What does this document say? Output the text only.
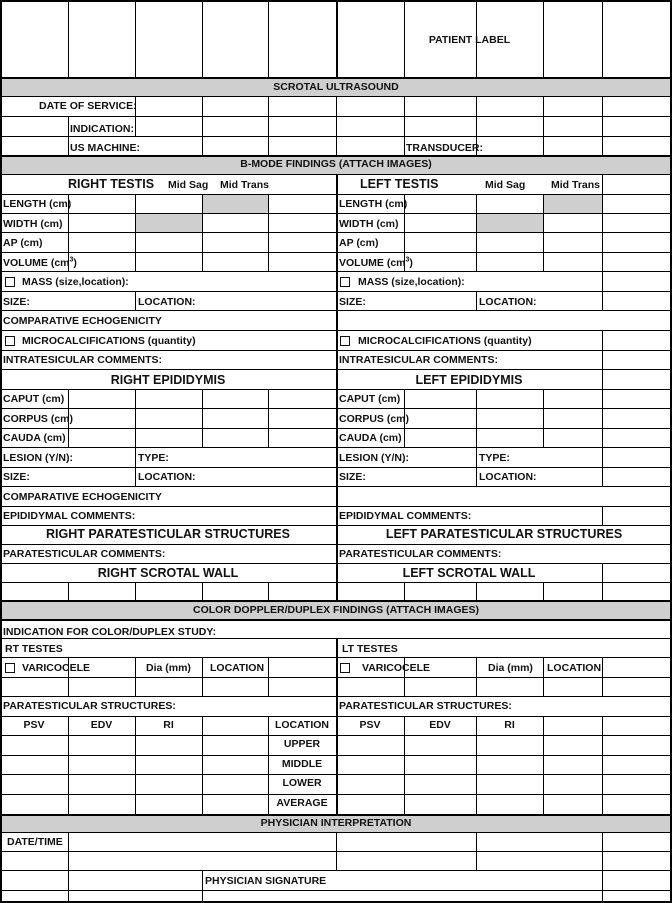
PATIENT LABEL
SCROTAL ULTRASOUND
B-MODE FINDINGS (ATTACH IMAGES)
COLOR DOPPLER/DUPLEX FINDINGS (ATTACH IMAGES)
PHYSICIAN INTERPRETATION
DATE OF SERVICE:
INDICATION:
US MACHINE:	TRANSDUCER:
RIGHT TESTIS	Mid Sag Mid Trans	LEFT TESTIS	Mid Sag Mid Trans
LENGTH (cm)
WIDTH (cm)
AP (cm)
VOLUME $(cm^3)$
MASS (size,location):
SIZE:	LOCATION:
COMPARATIVE ECHOGENICITY
MICROCALCIFICATIONS (quantity)
INTRATESICULAR COMMENTS:
LENGTH (cm)
WIDTH (cm)
AP (cm)
VOLUME $(cm^3)$
MASS (size,location):
SIZE:	LOCATION:
MICROCALCIFICATIONS (quantity)
INTRATESICULAR COMMENTS:
RIGHT EPIDIDYMIS	LEFT EPIDIDYMIS
CAPUT (cm)
CORPUS (cm)
CAUDA (cm)
LESION (Y/N):	TYPE:
SIZE:	LOCATION:
COMPARATIVE ECHOGENICITY
EPIDIDYMAL COMMENTS:
CAPUT (cm)
CORPUS (cm)
CAUDA (cm)
LESION (Y/N):	TYPE:
SIZE:	LOCATION:
EPIDIDYMAL COMMENTS:
RIGHT PARATESTICULAR STRUCTURES	LEFT PARATESTICULAR STRUCTURES
PARATESTICULAR COMMENTS:	PARATESTICULAR COMMENTS:
RIGHT SCROTAL WALL	LEFT SCROTAL WALL
INDICATION FOR COLOR/DUPLEX STUDY:
RT TESTES	LT TESTES
VARICOCELE	Dia (mm) LOCATION	VARICOCELE	Dia (mm) LOCATION
PARATESTICULAR STRUCTURES:	PARATESTICULAR STRUCTURES:
PSV	EDV	RI	LOCATION	PSV	EDV	RI
UPPER
MIDDLE
LOWER
AVERAGE
DATE/TIME
PHYSICIAN SIGNATURE
